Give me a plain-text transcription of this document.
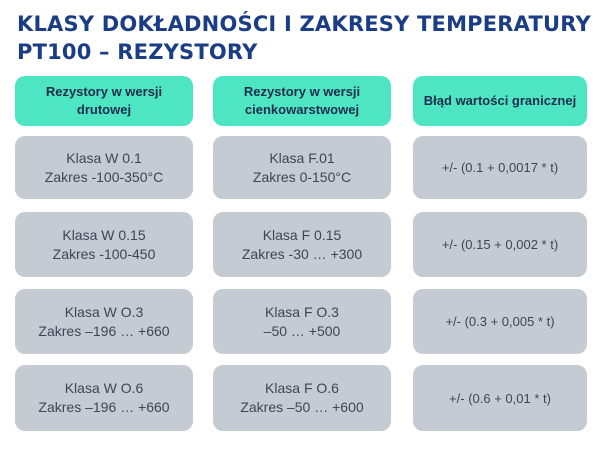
KLASY DOKŁADNOŚCI I ZAKRESY TEMPERATURY
PT100 – REZYSTORY
Rezystory w wersji
drutowej
Rezystory w wersji
cienkowarstwowej
Błąd wartości granicznej
Klasa W 0.1
Zakres -100-350°C
Klasa F.01
Zakres 0-150°C
+/- (0.1 + 0,0017 * t)
Klasa W 0.15
Zakres -100-450
Klasa F 0.15
Zakres -30 … +300
+/- (0.15 + 0,002 * t)
Klasa W O.3
Zakres –196 … +660
Klasa F O.3
–50 … +500
+/- (0.3 + 0,005 * t)
Klasa W O.6
Zakres –196 … +660
Klasa F O.6
Zakres –50 … +600
+/- (0.6 + 0,01 * t)
